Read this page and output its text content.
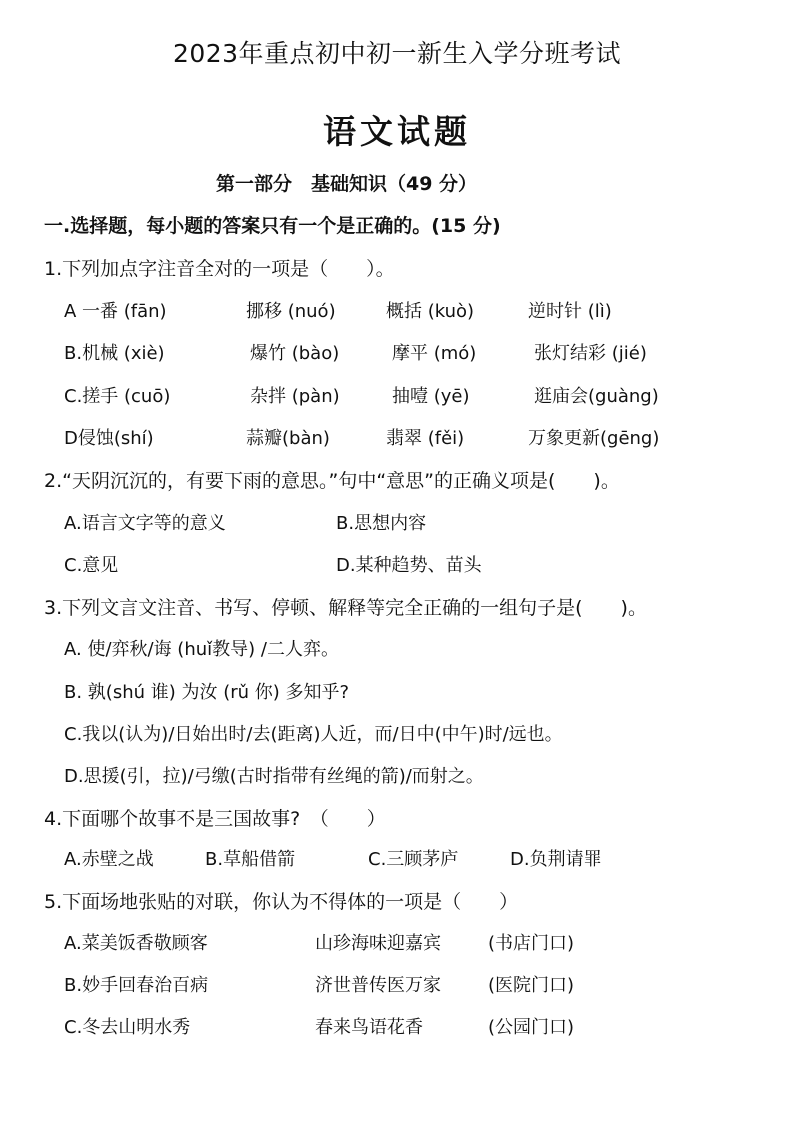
2023年重点初中初一新生入学分班考试
语文试题
第一部分　基础知识（49 分）
一.选择题，每小题的答案只有一个是正确的。(15 分)
1.下列加点字注音全对的一项是（　　）。
A 一番 (fān)	挪移 (nuó)	概括 (kuò)	逆时针 (lì)
B.机械 (xiè)	爆竹 (bào)	摩平 (mó)	张灯结彩 (jié)
C.搓手 (cuō)	杂拌 (pàn)	抽噎 (yē)	逛庙会(guàng)
D侵蚀(shí)	蒜瓣(bàn)	翡翠 (fěi)	万象更新(gēng)
2.“天阴沉沉的，有要下雨的意思。”句中“意思”的正确义项是(　　)。
A.语言文字等的意义	B.思想内容
C.意见	D.某种趋势、苗头
3.下列文言文注音、书写、停顿、解释等完全正确的一组句子是(　　)。
A. 使/弈秋/诲 (huǐ教导) /二人弈。
B. 孰(shú 谁) 为汝 (rǔ 你) 多知乎?
C.我以(认为)/日始出时/去(距离)人近，而/日中(中午)时/远也。
D.思援(引，拉)/弓缴(古时指带有丝绳的箭)/而射之。
4.下面哪个故事不是三国故事?　（　　）
A.赤壁之战	B.草船借箭	C.三顾茅庐	D.负荆请罪
5.下面场地张贴的对联，你认为不得体的一项是（　　）
A.菜美饭香敬顾客	山珍海味迎嘉宾	(书店门口)
B.妙手回春治百病	济世普传医万家	(医院门口)
C.冬去山明水秀	春来鸟语花香	(公园门口)
